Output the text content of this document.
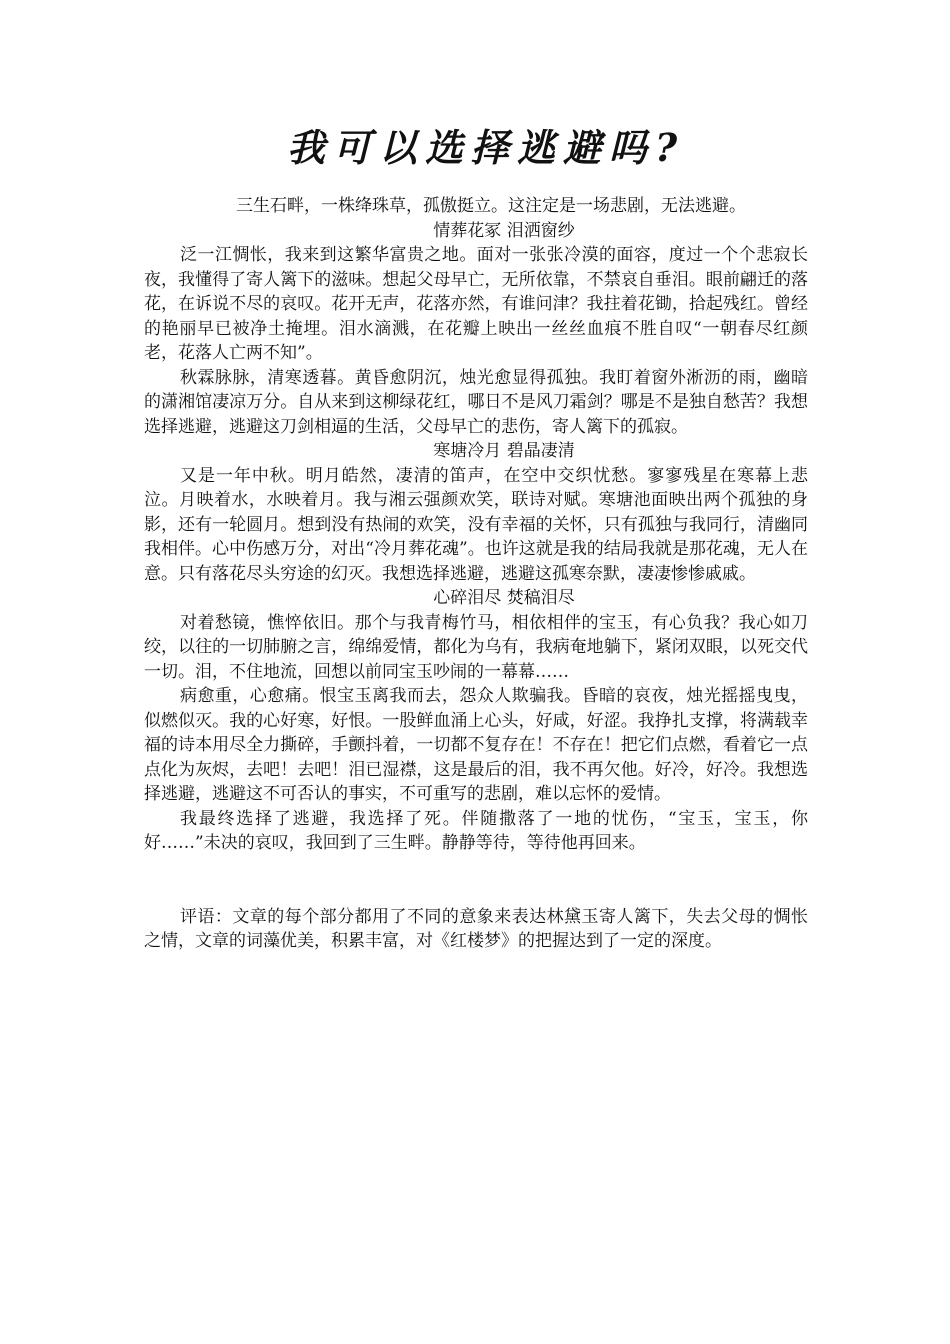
我可以选择逃避吗?

三生石畔，一株绛珠草，孤傲挺立。这注定是一场悲剧，无法逃避。

情葬花冢 泪洒窗纱

泛一江惆怅，我来到这繁华富贵之地。面对一张张冷漠的面容，度过一个个悲寂长夜，我懂得了寄人篱下的滋味。想起父母早亡，无所依靠，不禁哀自垂泪。眼前翩迁的落花，在诉说不尽的哀叹。花开无声，花落亦然，有谁问津？我拄着花锄，拾起残红。曾经的艳丽早已被净土掩埋。泪水滴溅，在花瓣上映出一丝丝血痕不胜自叹“一朝春尽红颜老，花落人亡两不知”。

秋霖脉脉，清寒透暮。黄昏愈阴沉，烛光愈显得孤独。我盯着窗外淅沥的雨，幽暗的潇湘馆凄凉万分。自从来到这柳绿花红，哪日不是风刀霜剑？哪是不是独自愁苦？我想选择逃避，逃避这刀剑相逼的生活，父母早亡的悲伤，寄人篱下的孤寂。

寒塘冷月 碧晶凄清

又是一年中秋。明月皓然，凄清的笛声，在空中交织忧愁。寥寥残星在寒幕上悲泣。月映着水，水映着月。我与湘云强颜欢笑，联诗对赋。寒塘池面映出两个孤独的身影，还有一轮圆月。想到没有热闹的欢笑，没有幸福的关怀，只有孤独与我同行，清幽同我相伴。心中伤感万分，对出“冷月葬花魂”。也许这就是我的结局我就是那花魂，无人在意。只有落花尽头穷途的幻灭。我想选择逃避，逃避这孤寒奈默，凄凄惨惨戚戚。

心碎泪尽 焚稿泪尽

对着愁镜，憔悴依旧。那个与我青梅竹马，相依相伴的宝玉，有心负我？我心如刀绞，以往的一切肺腑之言，绵绵爱情，都化为乌有，我病奄地躺下，紧闭双眼，以死交代一切。泪，不住地流，回想以前同宝玉吵闹的一幕幕……

病愈重，心愈痛。恨宝玉离我而去，怨众人欺骗我。昏暗的哀夜，烛光摇摇曳曳，似燃似灭。我的心好寒，好恨。一股鲜血涌上心头，好咸，好涩。我挣扎支撑，将满载幸福的诗本用尽全力撕碎，手颤抖着，一切都不复存在！不存在！把它们点燃，看着它一点点化为灰烬，去吧！去吧！泪已湿襟，这是最后的泪，我不再欠他。好冷，好冷。我想选择逃避，逃避这不可否认的事实，不可重写的悲剧，难以忘怀的爱情。

我最终选择了逃避，我选择了死。伴随撒落了一地的忧伤，“宝玉，宝玉，你好……”未决的哀叹，我回到了三生畔。静静等待，等待他再回来。

评语：文章的每个部分都用了不同的意象来表达林黛玉寄人篱下，失去父母的惆怅之情，文章的词藻优美，积累丰富，对《红楼梦》的把握达到了一定的深度。
